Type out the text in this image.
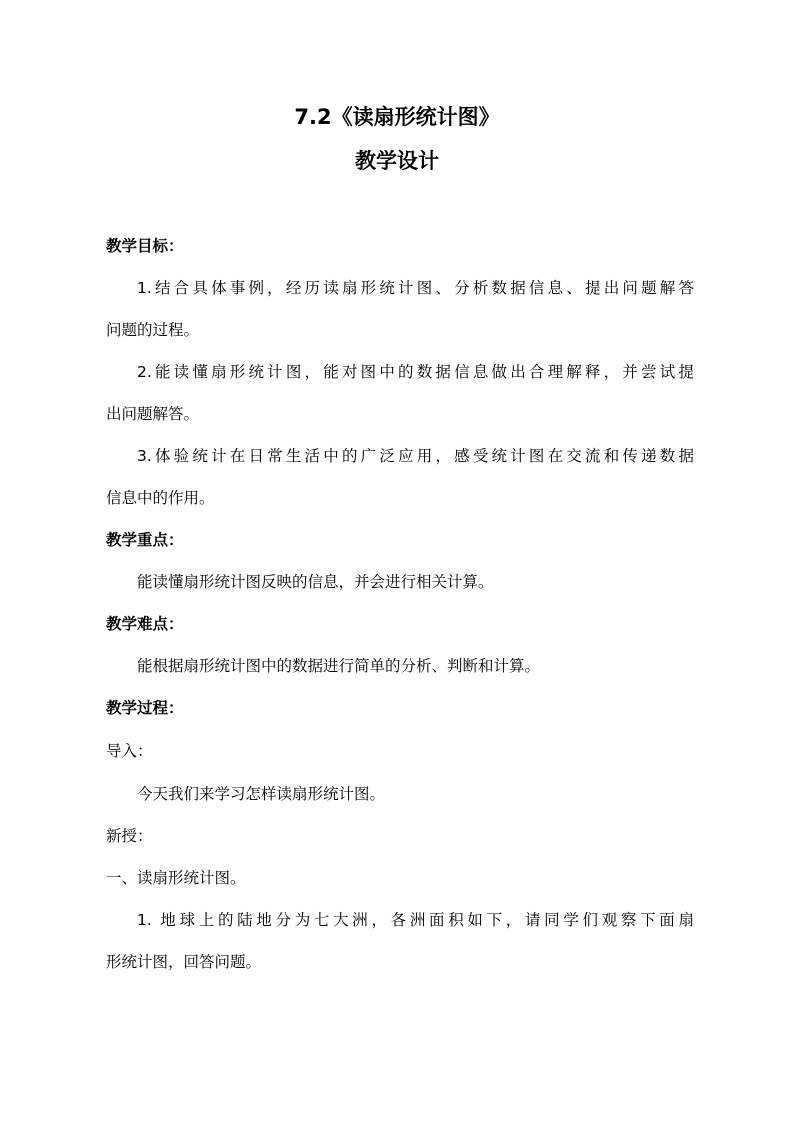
7.2《读扇形统计图》
教学设计
教学目标：
1.结合具体事例，经历读扇形统计图、分析数据信息、提出问题解答
问题的过程。
2.能读懂扇形统计图，能对图中的数据信息做出合理解释，并尝试提
出问题解答。
3.体验统计在日常生活中的广泛应用，感受统计图在交流和传递数据
信息中的作用。
教学重点：
能读懂扇形统计图反映的信息，并会进行相关计算。
教学难点：
能根据扇形统计图中的数据进行简单的分析、判断和计算。
教学过程：
导入：
今天我们来学习怎样读扇形统计图。
新授：
一、读扇形统计图。
1. 地球上的陆地分为七大洲，各洲面积如下，请同学们观察下面扇
形统计图，回答问题。
